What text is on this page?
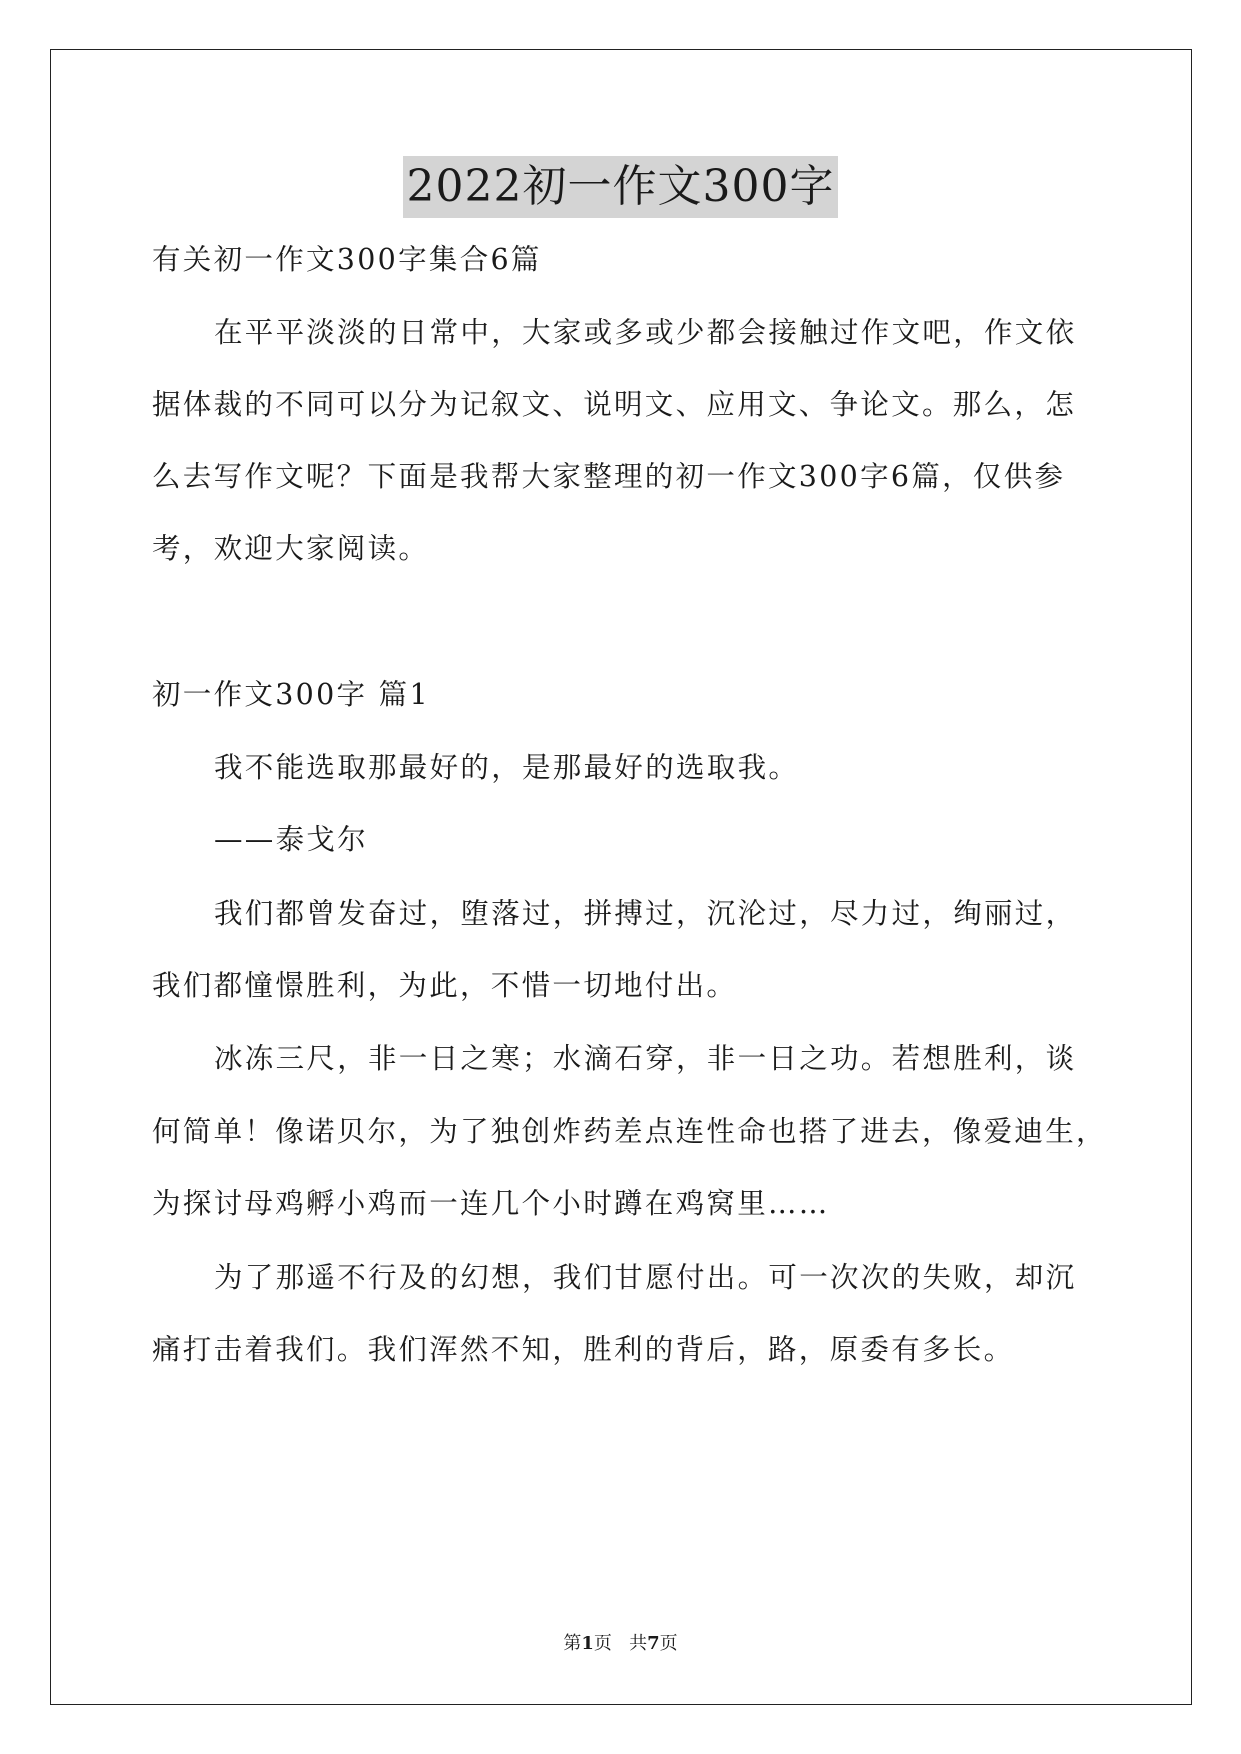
2022初一作文300字
有关初一作文300字集合6篇
在平平淡淡的日常中，大家或多或少都会接触过作文吧，作文依
据体裁的不同可以分为记叙文、说明文、应用文、争论文。那么，怎
么去写作文呢？下面是我帮大家整理的初一作文300字6篇，仅供参
考，欢迎大家阅读。
初一作文300字 篇1
我不能选取那最好的，是那最好的选取我。
——泰戈尔
我们都曾发奋过，堕落过，拼搏过，沉沦过，尽力过，绚丽过，
我们都憧憬胜利，为此，不惜一切地付出。
冰冻三尺，非一日之寒；水滴石穿，非一日之功。若想胜利，谈
何简单！像诺贝尔，为了独创炸药差点连性命也搭了进去，像爱迪生，
为探讨母鸡孵小鸡而一连几个小时蹲在鸡窝里……
为了那遥不行及的幻想，我们甘愿付出。可一次次的失败，却沉
痛打击着我们。我们浑然不知，胜利的背后，路，原委有多长。
第1页   共7页
